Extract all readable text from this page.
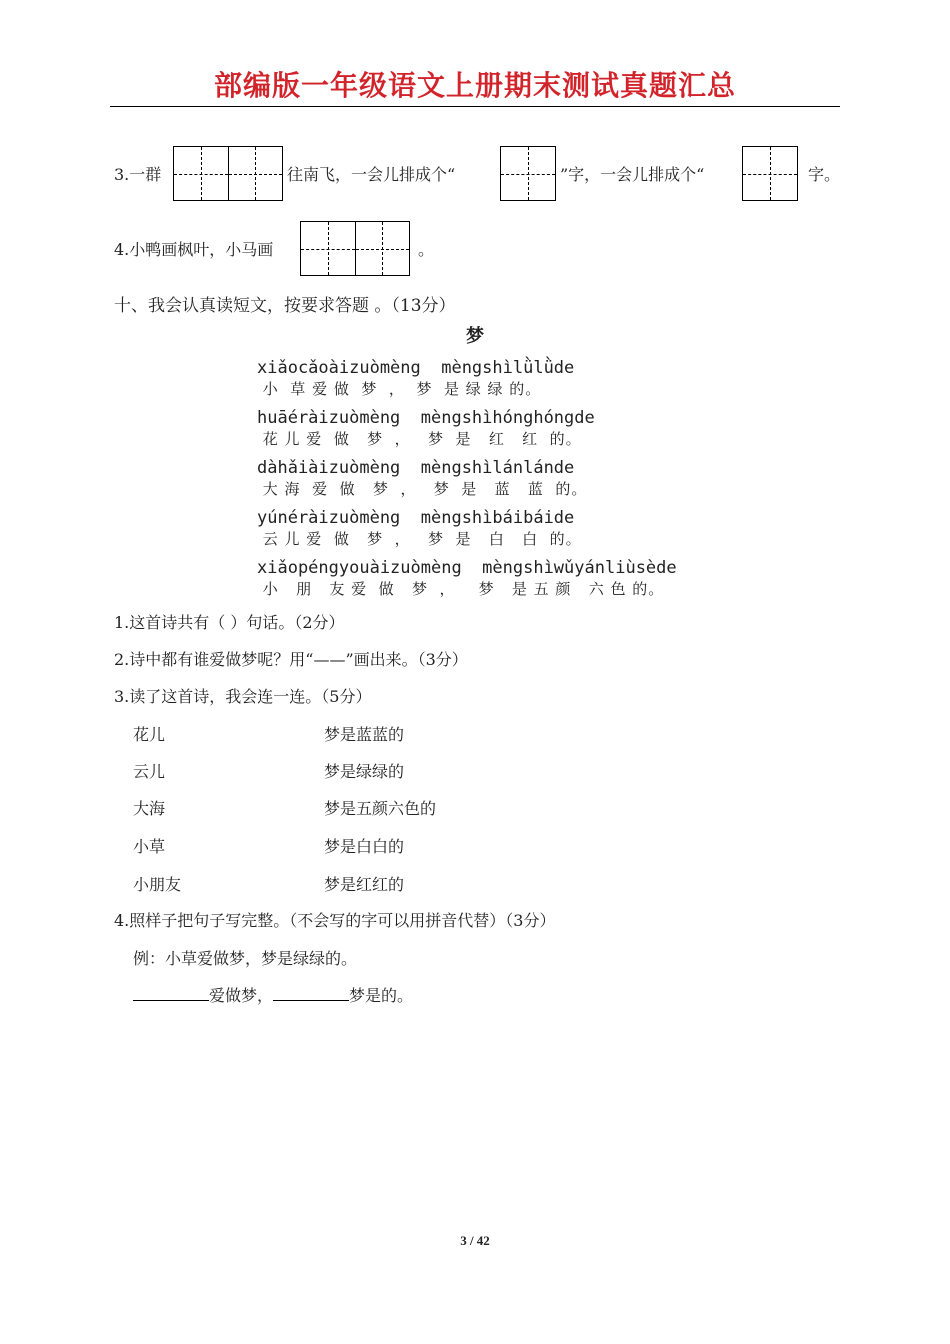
部编版一年级语文上册期末测试真题汇总
3.一群	往南飞，一会儿排成个“	”字，一会儿排成个“	字。
4.小鸭画枫叶，小马画	。
十、我会认真读短文，按要求答题 。（13分）
梦
xiǎocǎoàizuòmèng  mèngshìlǜlǜde
小  草 爱 做  梦  ，  梦  是 绿 绿 的。
huāéràizuòmèng  mèngshìhónghóngde
花 儿 爱  做   梦  ，   梦  是   红   红  的。
dàhǎiàizuòmèng  mèngshìlánlánde
大 海  爱  做   梦  ，   梦  是   蓝   蓝  的。
yúnéràizuòmèng  mèngshìbáibáide
云 儿 爱  做   梦  ，   梦  是   白   白  的。
xiǎopéngyouàizuòmèng  mèngshìwǔyánliùsède
小   朋   友 爱  做   梦  ，    梦   是 五 颜   六 色 的。
1.这首诗共有（ ）句话。（2分）
2.诗中都有谁爱做梦呢？用“——”画出来。（3分）
3.读了这首诗，我会连一连。（5分）
花儿	梦是蓝蓝的
云儿	梦是绿绿的
大海	梦是五颜六色的
小草	梦是白白的
小朋友	梦是红红的
4.照样子把句子写完整。（不会写的字可以用拼音代替）（3分）
例：小草爱做梦，梦是绿绿的。
爱做梦，	梦是的。
3 / 42
